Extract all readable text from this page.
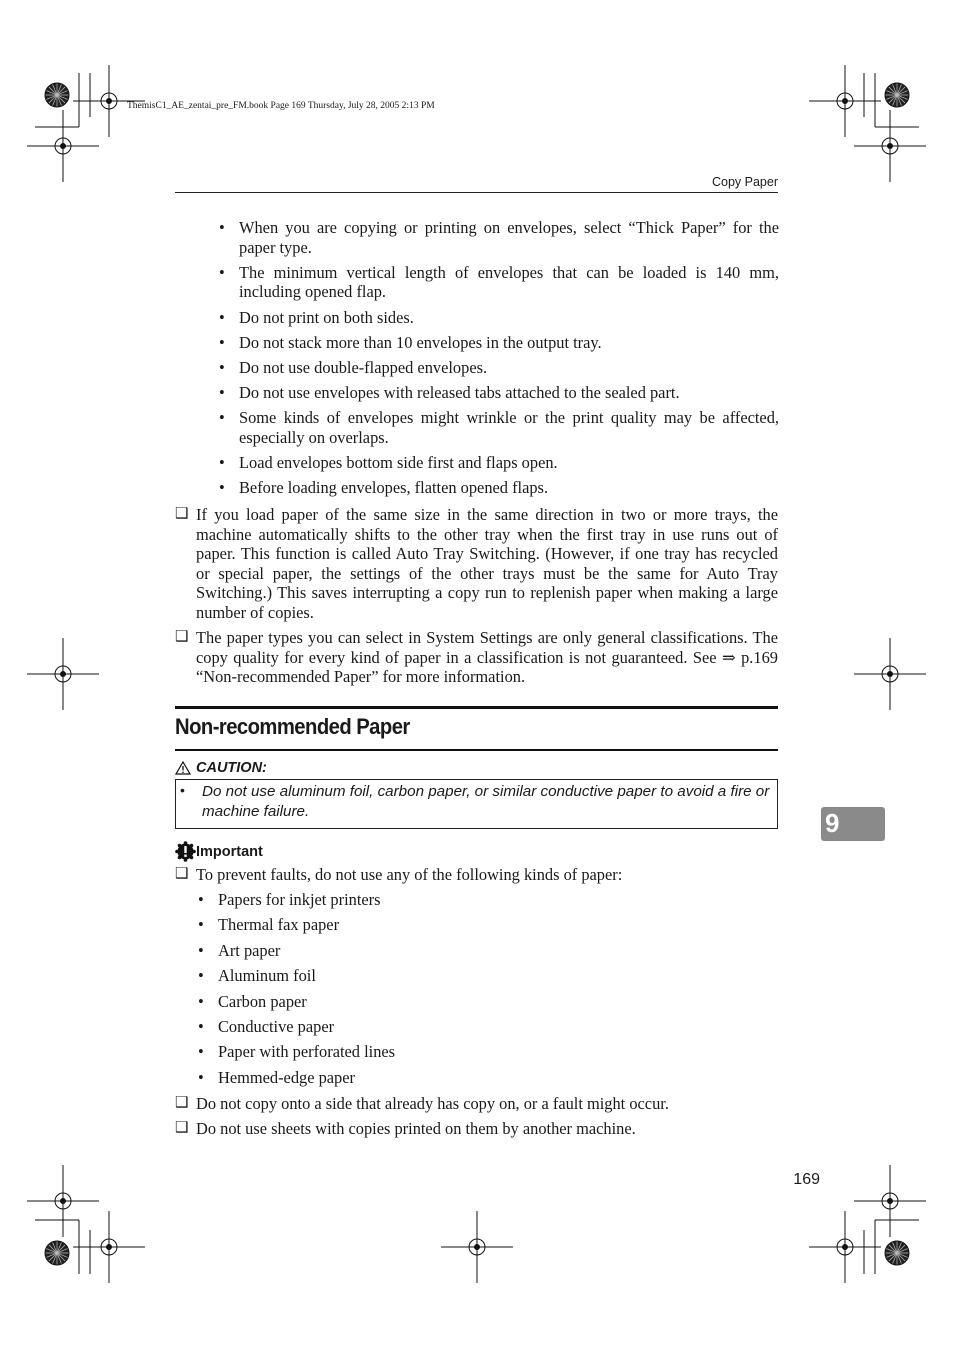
ThemisC1_AE_zentai_pre_FM.book Page 169 Thursday, July 28, 2005 2:13 PM
Copy Paper
• When you are copying or printing on envelopes, select “Thick Paper” for the paper type.
• The minimum vertical length of envelopes that can be loaded is 140 mm, including opened flap.
• Do not print on both sides.
• Do not stack more than 10 envelopes in the output tray.
• Do not use double-flapped envelopes.
• Do not use envelopes with released tabs attached to the sealed part.
• Some kinds of envelopes might wrinkle or the print quality may be affected, especially on overlaps.
• Load envelopes bottom side first and flaps open.
• Before loading envelopes, flatten opened flaps.
❑ If you load paper of the same size in the same direction in two or more trays, the machine automatically shifts to the other tray when the first tray in use runs out of paper. This function is called Auto Tray Switching. (However, if one tray has recycled or special paper, the settings of the other trays must be the same for Auto Tray Switching.) This saves interrupting a copy run to replenish paper when making a large number of copies.
❑ The paper types you can select in System Settings are only general classifications. The copy quality for every kind of paper in a classification is not guaranteed. See ⇒ p.169 “Non-recommended Paper” for more information.
Non-recommended Paper
CAUTION:
• Do not use aluminum foil, carbon paper, or similar conductive paper to avoid a fire or machine failure.
Important
❑ To prevent faults, do not use any of the following kinds of paper:
• Papers for inkjet printers
• Thermal fax paper
• Art paper
• Aluminum foil
• Carbon paper
• Conductive paper
• Paper with perforated lines
• Hemmed-edge paper
❑ Do not copy onto a side that already has copy on, or a fault might occur.
❑ Do not use sheets with copies printed on them by another machine.
9
169
